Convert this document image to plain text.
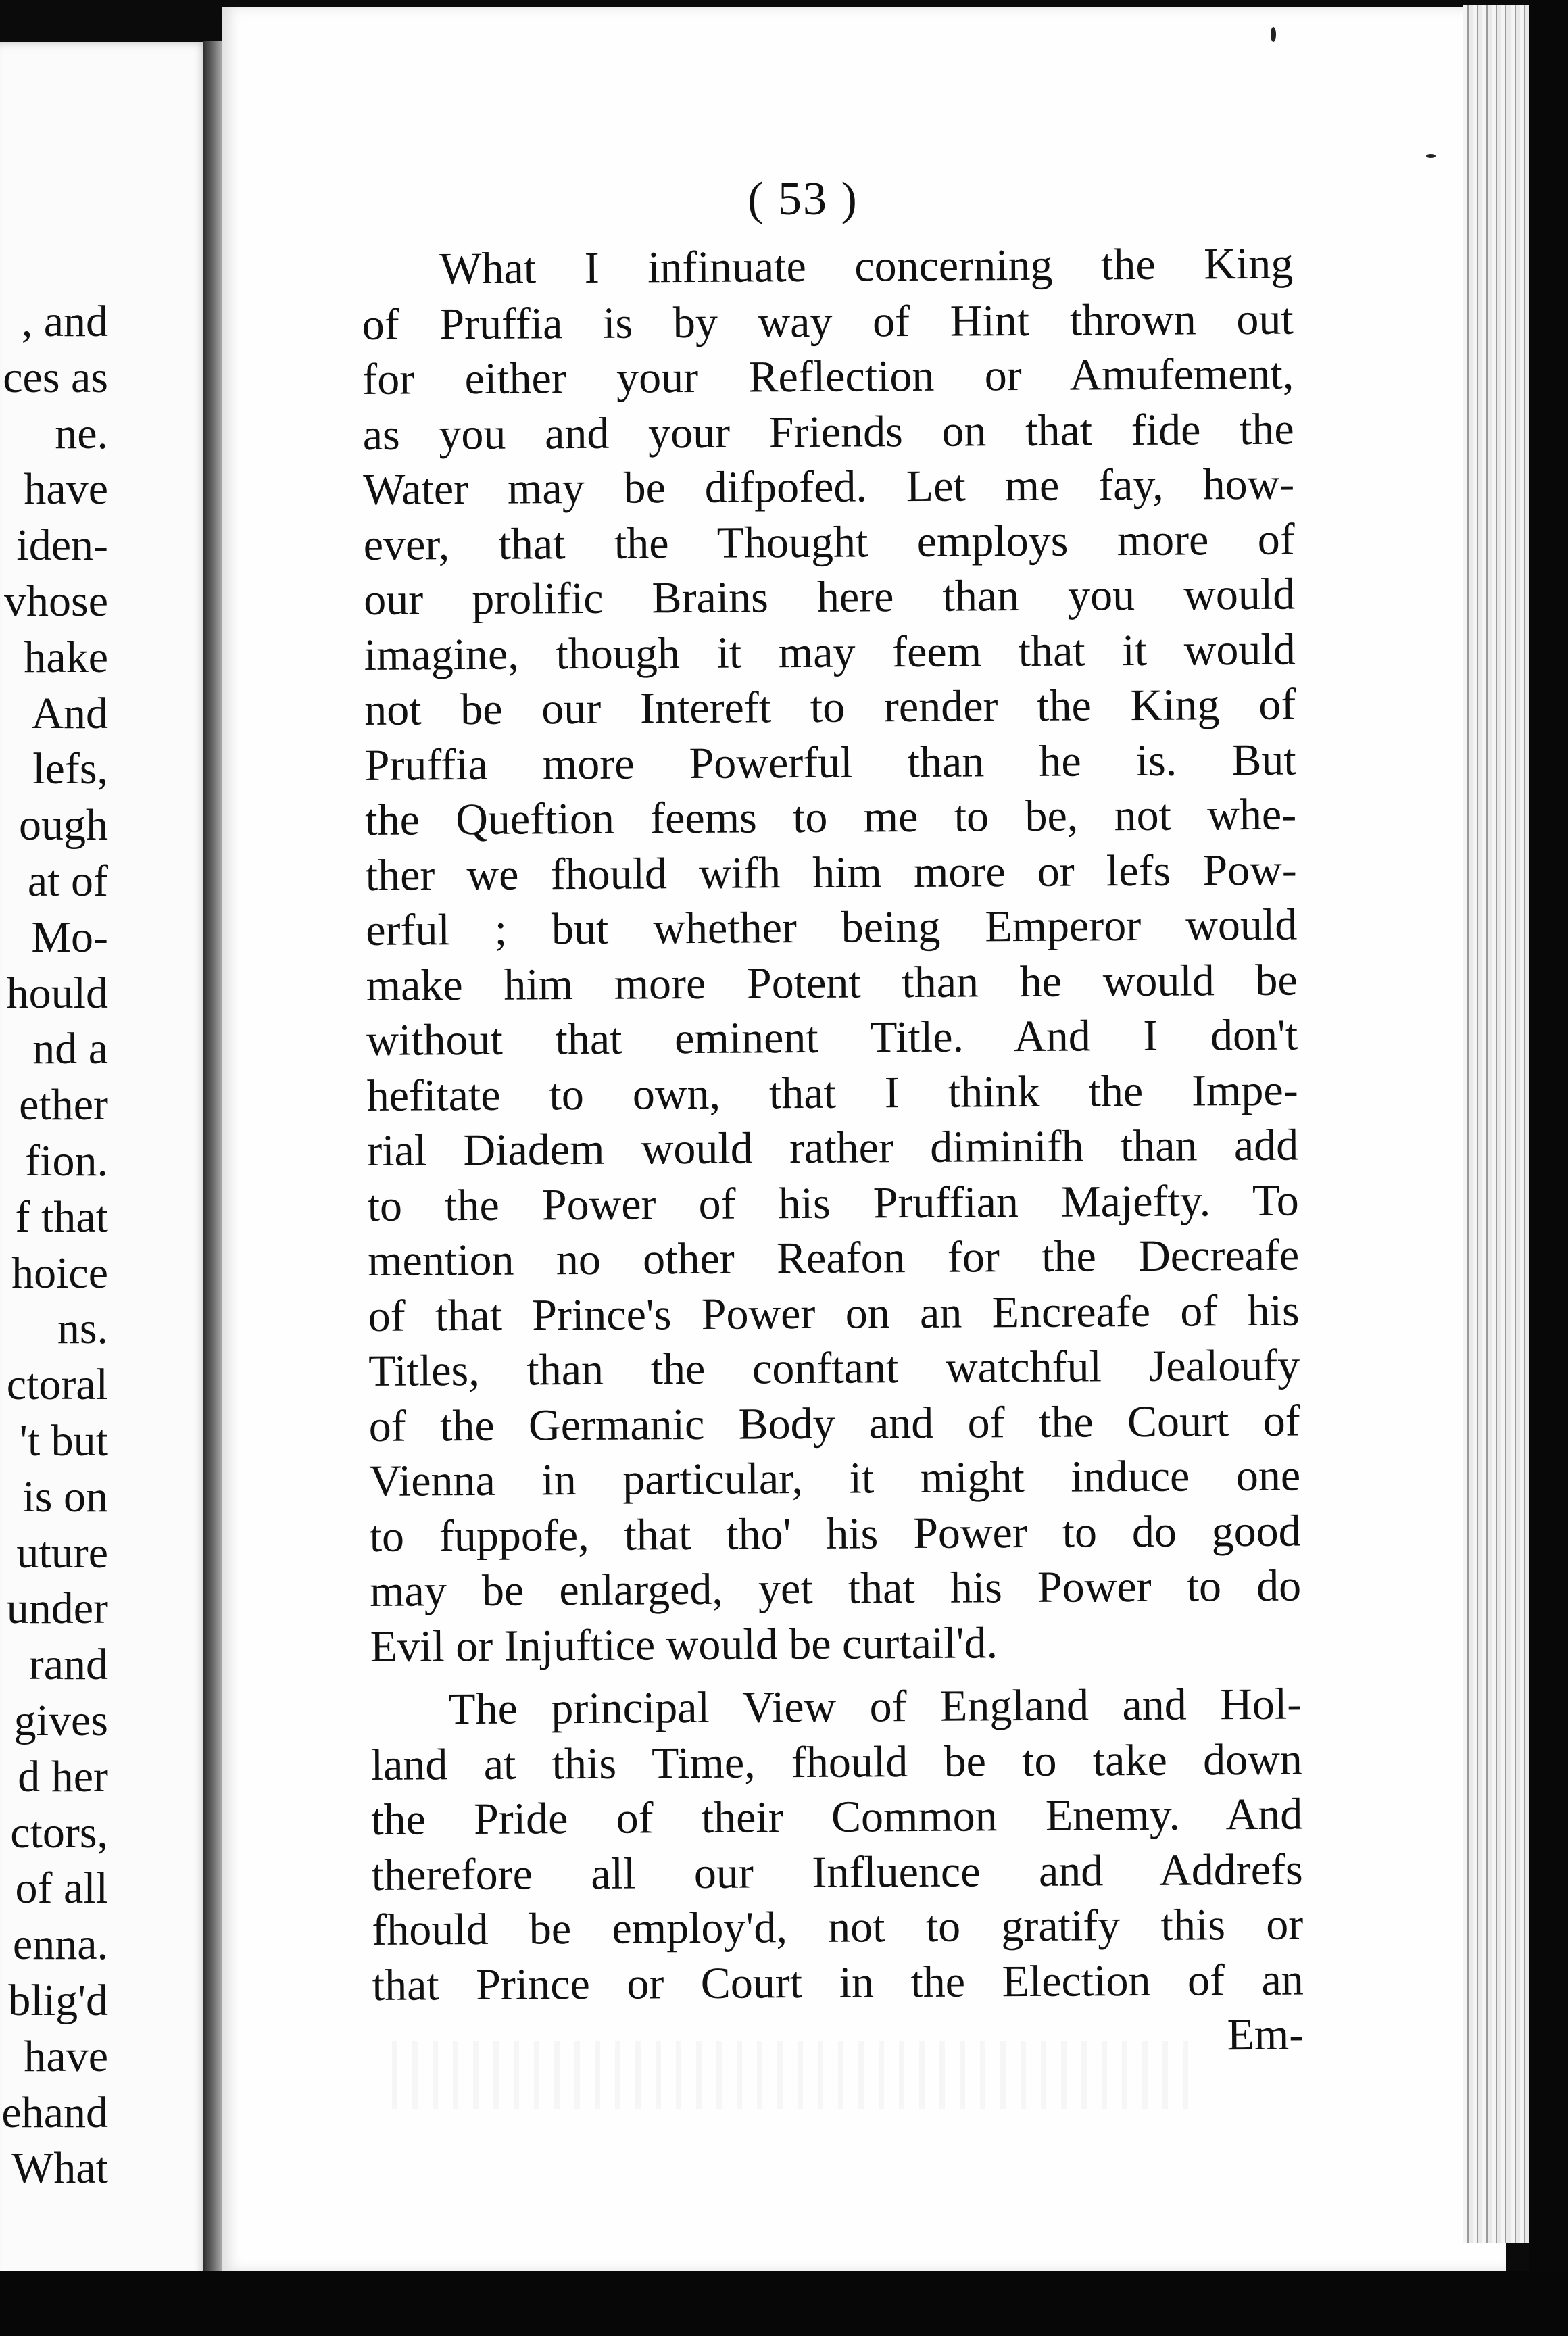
, and
ces as
ne.
have
iden-
vhose
hake
And
lefs,
ough
at of
Mo-
hould
nd a
ether
fion.
f that
hoice
ns.
ctoral
't but
is on
uture
under
rand
gives
d her
ctors,
of all
enna.
blig'd
have
ehand
What
( 53 )
What I infinuate concerning the King
of Pruffia is by way of Hint thrown out
for either your Reflection or Amufement,
as you and your Friends on that fide the
Water may be difpofed. Let me fay, how-
ever, that the Thought employs more of
our prolific Brains here than you would
imagine, though it may feem that it would
not be our Intereft to render the King of
Pruffia more Powerful than he is. But
the Queftion feems to me to be, not whe-
ther we fhould wifh him more or lefs Pow-
erful ; but whether being Emperor would
make him more Potent than he would be
without that eminent Title. And I don't
hefitate to own, that I think the Impe-
rial Diadem would rather diminifh than add
to the Power of his Pruffian Majefty. To
mention no other Reafon for the Decreafe
of that Prince's Power on an Encreafe of his
Titles, than the conftant watchful Jealoufy
of the Germanic Body and of the Court of
Vienna in particular, it might induce one
to fuppofe, that tho' his Power to do good
may be enlarged, yet that his Power to do
Evil or Injuftice would be curtail'd.
The principal View of England and Hol-
land at this Time, fhould be to take down
the Pride of their Common Enemy. And
therefore all our Influence and Addrefs
fhould be employ'd, not to gratify this or
that Prince or Court in the Election of an
Em-
